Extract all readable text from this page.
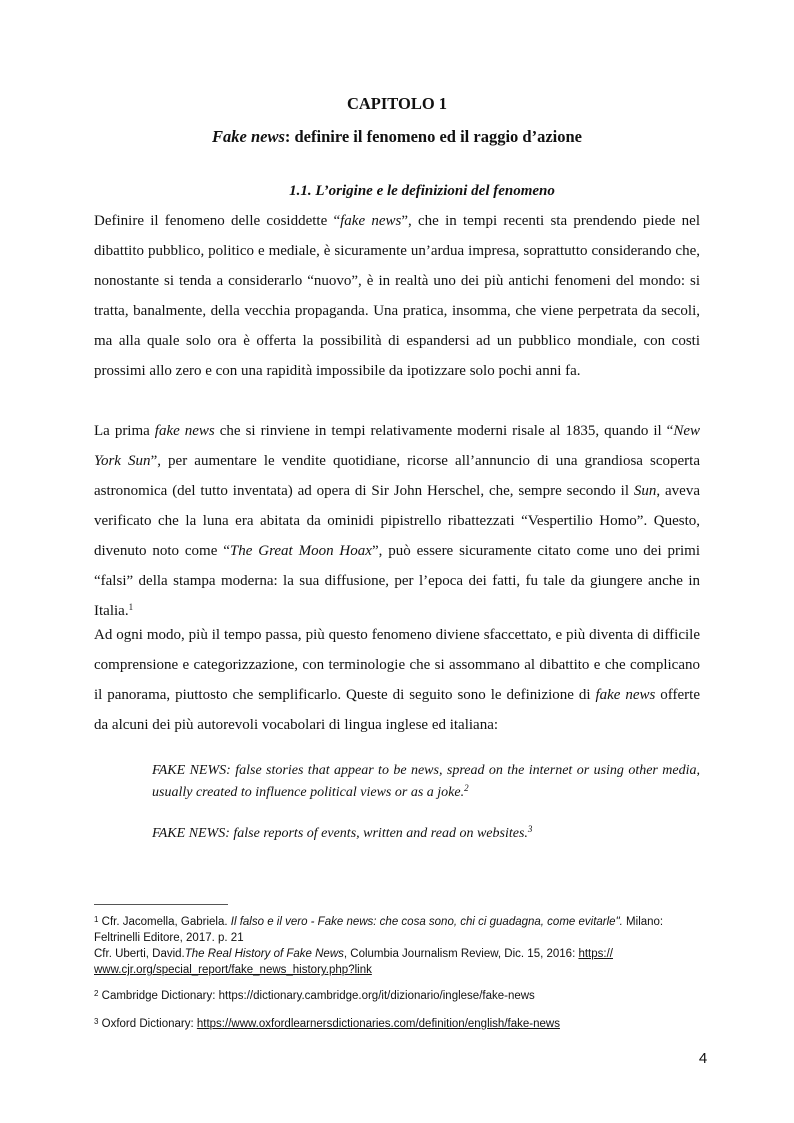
CAPITOLO 1
Fake news: definire il fenomeno ed il raggio d’azione
1.1. L’origine e le definizioni del fenomeno

Definire il fenomeno delle cosiddette “fake news”, che in tempi recenti sta prendendo piede nel dibattito pubblico, politico e mediale, è sicuramente un’ardua impresa, soprattutto considerando che, nonostante si tenda a considerarlo “nuovo”, è in realtà uno dei più antichi fenomeni del mondo: si tratta, banalmente, della vecchia propaganda. Una pratica, insomma, che viene perpetrata da secoli, ma alla quale solo ora è offerta la possibilità di espandersi ad un pubblico mondiale, con costi prossimi allo zero e con una rapidità impossibile da ipotizzare solo pochi anni fa.

La prima fake news che si rinviene in tempi relativamente moderni risale al 1835, quando il “New York Sun”, per aumentare le vendite quotidiane, ricorse all’annuncio di una grandiosa scoperta astronomica (del tutto inventata) ad opera di Sir John Herschel, che, sempre secondo il Sun, aveva verificato che la luna era abitata da ominidi pipistrello ribattezzati “Vespertilio Homo”. Questo, divenuto noto come “The Great Moon Hoax”, può essere sicuramente citato come uno dei primi “falsi” della stampa moderna: la sua diffusione, per l’epoca dei fatti, fu tale da giungere anche in Italia.$^1$

Ad ogni modo, più il tempo passa, più questo fenomeno diviene sfaccettato, e più diventa di difficile comprensione e categorizzazione, con terminologie che si assommano al dibattito e che complicano il panorama, piuttosto che semplificarlo. Queste di seguito sono le definizione di fake news offerte da alcuni dei più autorevoli vocabolari di lingua inglese ed italiana:

FAKE NEWS: false stories that appear to be news, spread on the internet or using other media, usually created to influence political views or as a joke.$^2$

FAKE NEWS: false reports of events, written and read on websites.$^3$

$^1$ Cfr. Jacomella, Gabriela. Il falso e il vero - Fake news: che cosa sono, chi ci guadagna, come evitarle". Milano: Feltrinelli Editore, 2017. p. 21
Cfr. Uberti, David.The Real History of Fake News, Columbia Journalism Review, Dic. 15, 2016: https:// www.cjr.org/special_report/fake_news_history.php?link

$^2$ Cambridge Dictionary: https://dictionary.cambridge.org/it/dizionario/inglese/fake-news

$^3$ Oxford Dictionary: https://www.oxfordlearnersdictionaries.com/definition/english/fake-news

4
